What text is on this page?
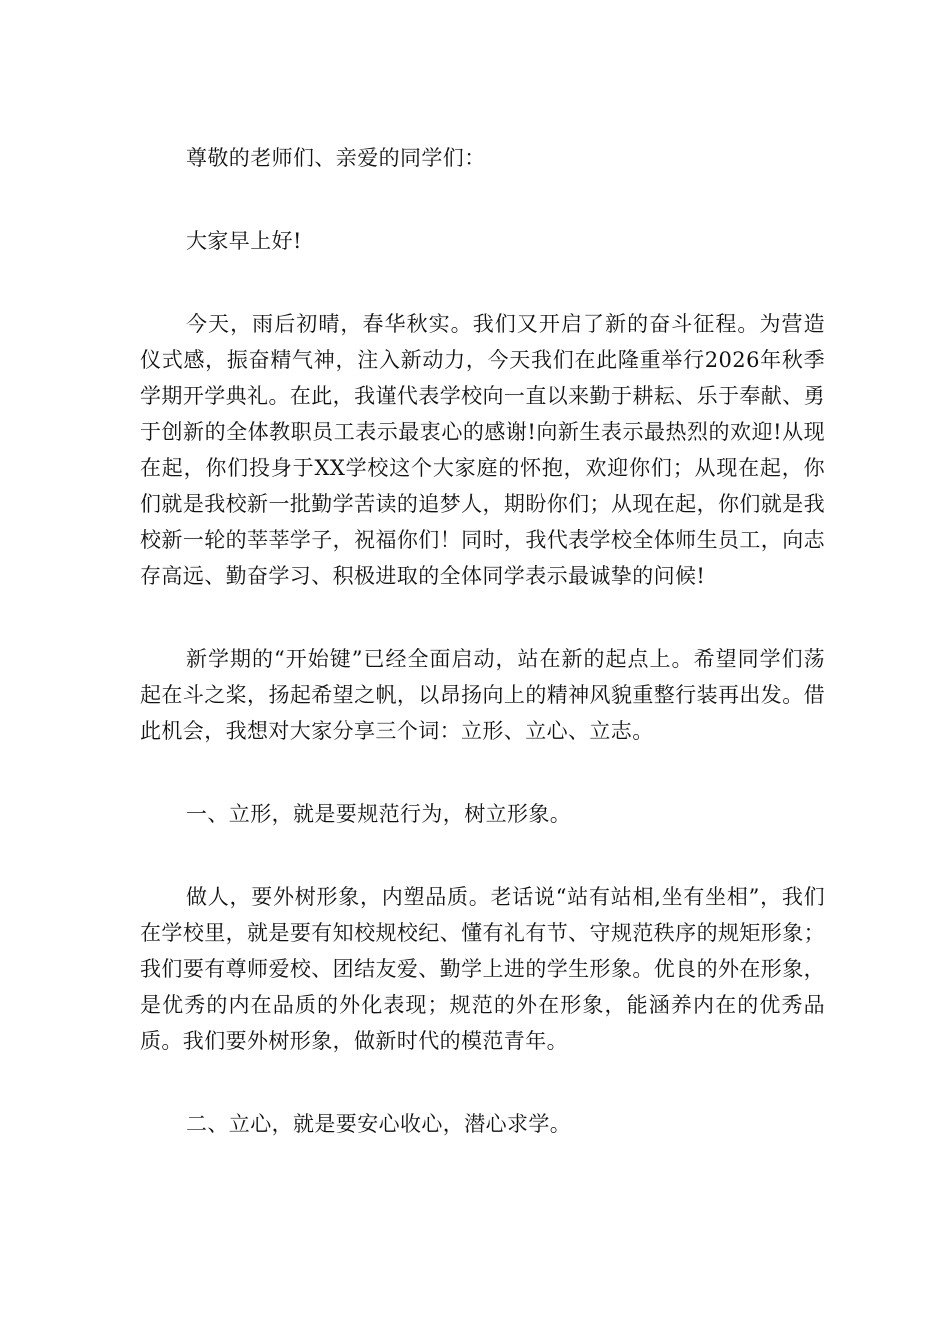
尊敬的老师们、亲爱的同学们：

大家早上好!

今天，雨后初晴，春华秋实。我们又开启了新的奋斗征程。为营造仪式感，振奋精气神，注入新动力，今天我们在此隆重举行2026年秋季学期开学典礼。在此，我谨代表学校向一直以来勤于耕耘、乐于奉献、勇于创新的全体教职员工表示最衷心的感谢!向新生表示最热烈的欢迎!从现在起，你们投身于XX学校这个大家庭的怀抱，欢迎你们；从现在起，你们就是我校新一批勤学苦读的追梦人，期盼你们；从现在起，你们就是我校新一轮的莘莘学子，祝福你们！同时，我代表学校全体师生员工，向志存高远、勤奋学习、积极进取的全体同学表示最诚挚的问候!

新学期的“开始键”已经全面启动，站在新的起点上。希望同学们荡起在斗之桨，扬起希望之帆，以昂扬向上的精神风貌重整行装再出发。借此机会，我想对大家分享三个词：立形、立心、立志。

一、立形，就是要规范行为，树立形象。

做人，要外树形象，内塑品质。老话说“站有站相,坐有坐相”，我们在学校里，就是要有知校规校纪、懂有礼有节、守规范秩序的规矩形象；我们要有尊师爱校、团结友爱、勤学上进的学生形象。优良的外在形象，是优秀的内在品质的外化表现；规范的外在形象，能涵养内在的优秀品质。我们要外树形象，做新时代的模范青年。

二、立心，就是要安心收心，潜心求学。
